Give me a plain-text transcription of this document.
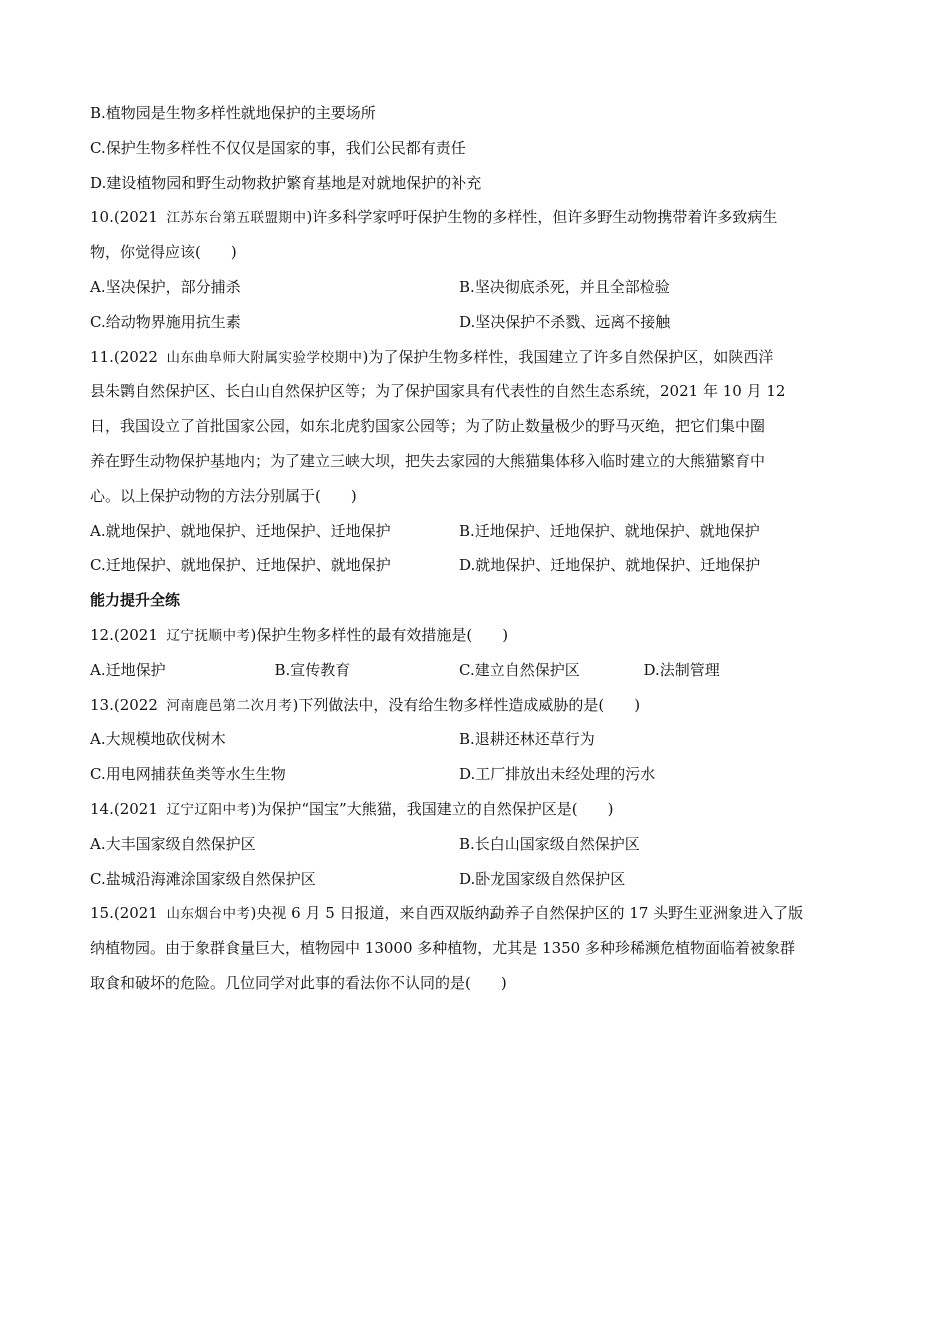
B.植物园是生物多样性就地保护的主要场所
C.保护生物多样性不仅仅是国家的事，我们公民都有责任
D.建设植物园和野生动物救护繁育基地是对就地保护的补充
10.(2021 江苏东台第五联盟期中)许多科学家呼吁保护生物的多样性，但许多野生动物携带着许多致病生
物，你觉得应该(　　)
A.坚决保护，部分捕杀	B.坚决彻底杀死，并且全部检验
C.给动物界施用抗生素	D.坚决保护不杀戮、远离不接触
11.(2022 山东曲阜师大附属实验学校期中)为了保护生物多样性，我国建立了许多自然保护区，如陕西洋
县朱鹮自然保护区、长白山自然保护区等；为了保护国家具有代表性的自然生态系统，2021 年 10 月 12
日，我国设立了首批国家公园，如东北虎豹国家公园等；为了防止数量极少的野马灭绝，把它们集中圈
养在野生动物保护基地内；为了建立三峡大坝，把失去家园的大熊猫集体移入临时建立的大熊猫繁育中
心。以上保护动物的方法分别属于(　　)
A.就地保护、就地保护、迁地保护、迁地保护	B.迁地保护、迁地保护、就地保护、就地保护
C.迁地保护、就地保护、迁地保护、就地保护	D.就地保护、迁地保护、就地保护、迁地保护
能力提升全练
12.(2021 辽宁抚顺中考)保护生物多样性的最有效措施是(　　)
A.迁地保护	B.宣传教育	C.建立自然保护区	D.法制管理
13.(2022 河南鹿邑第二次月考)下列做法中，没有给生物多样性造成威胁的是(　　)
A.大规模地砍伐树木	B.退耕还林还草行为
C.用电网捕获鱼类等水生生物	D.工厂排放出未经处理的污水
14.(2021 辽宁辽阳中考)为保护“国宝”大熊猫，我国建立的自然保护区是(　　)
A.大丰国家级自然保护区	B.长白山国家级自然保护区
C.盐城沿海滩涂国家级自然保护区	D.卧龙国家级自然保护区
15.(2021 山东烟台中考)央视 6 月 5 日报道，来自西双版纳勐养子自然保护区的 17 头野生亚洲象进入了版
纳植物园。由于象群食量巨大，植物园中 13000 多种植物，尤其是 1350 多种珍稀濒危植物面临着被象群
取食和破坏的危险。几位同学对此事的看法你不认同的是(　　)
